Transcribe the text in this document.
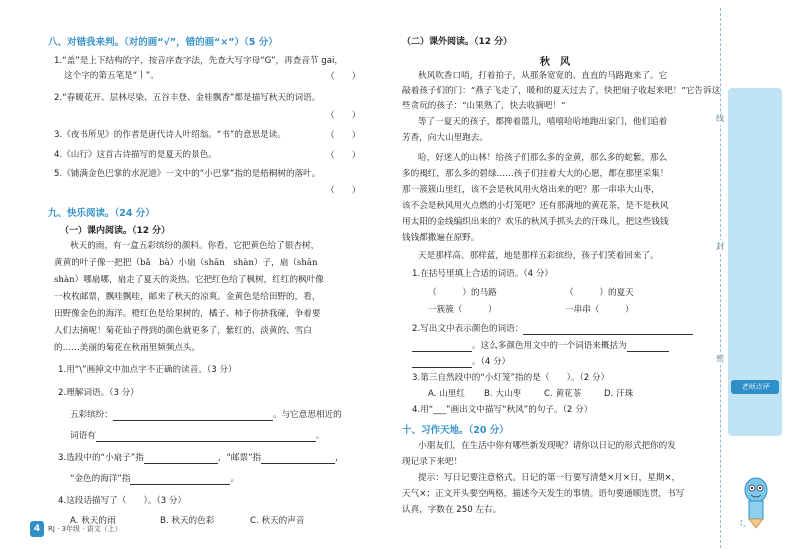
八、对错我来判。（对的画“√”，错的画“×”）（5 分）
1.“盖”是上下结构的字，按音序查字法，先查大写字母“G”，再查音节 gai，
这个字的第五笔是“丨”。	（　　）
2.“春暖花开、层林尽染、五谷丰登、金桂飘香”都是描写秋天的词语。
（　　）
3.《夜书所见》的作者是唐代诗人叶绍翁。“书”的意思是读。	（　　）
4.《山行》这首古诗描写的是夏天的景色。	（　　）
5.《铺满金色巴掌的水泥道》一文中的“小巴掌”指的是梧桐树的落叶。
（　　）
九、快乐阅读。（24 分）
（一）课内阅读。（12 分）
秋天的雨，有一盒五彩缤纷的颜料。你看，它把黄色给了银杏树，
黄黄的叶子像一把把（bǎ　bà）小扇（shān　shàn）子，扇（shān
shàn）哪扇哪，扇走了夏天的炎热。它把红色给了枫树，红红的枫叶像
一枚枚邮票，飘哇飘哇，邮来了秋天的凉爽。金黄色是给田野的，看，
田野像金色的海洋。橙红色是给果树的，橘子、柿子你挤我碰，争着要
人们去摘呢！菊花仙子得到的颜色就更多了，紫红的、淡黄的、雪白
的……美丽的菊花在秋雨里频频点头。
1.用“\”画掉文中加点字不正确的读音。（3 分）
2.理解词语。（3 分）
五彩缤纷：	。与它意思相近的
词语有	。
3.选段中的“小扇子”指	，“邮票”指	，
“金色的海洋”指	。
4.这段话描写了（　　）。（3 分）
A. 秋天的雨	B. 秋天的色彩	C. 秋天的声音
4	RJ · 3年级 · 语文（上）
（二）课外阅读。（12 分）
秋　风
秋风吹香口哨，打着拍子，从那条宽宽的、直直的马路跑来了。它
敲着孩子们的门：“燕子飞走了，暖和的夏天过去了，快把扇子收起来吧！”它告诉这
些贪玩的孩子：“山果熟了，快去收摘吧！”
等了一夏天的孩子，都搀着篮儿，嘻嘻哈哈地跑出家门，他们追着
芳香，向大山里跑去。
哈，好迷人的山林！给孩子们那么多的金黄，那么多的蛇紫，那么
多的褐红，那么多的碧绿……孩子们挂着大大的心愿，都在那里采集！
那一簇簇山里红，该不会是秋风用火烙出来的吧？那一串串大山枣，
该不会是秋风用火点燃的小灯笼吧？还有那满地的黄花茶，是不是秋风
用太阳的金线编织出来的？欢乐的秋风手抓头去的汗珠儿，把这些钱钱
钱钱都撒遍在原野。
天是那样高、那样蓝，地是那样五彩缤纷，孩子们笑着回来了。
1.在括号里填上合适的词语。（4 分）
（　　　）的马路	（　　　）的夏天
一簇簇（　　　）	一串串（　　　）
2.写出文中表示颜色的词语：
。这么多颜色用文中的一个词语来概括为
。（4 分）
3.第三自然段中的“小灯笼”指的是（　　）。（2 分）
A. 山里红 B. 大山枣	C. 黄花茶	D. 汗珠
4.用“___”画出文中描写“秋风”的句子。（2 分）
十、习作天地。（20 分）
小朋友们，在生活中你有哪些新发现呢？请你以日记的形式把你的发
现记录下来吧！
提示：写日记要注意格式。日记的第一行要写清楚×月×日，星期×，
天气×；正文开头要空两格，描述今天发生的事情。语句要通顺连贯，书写
认真，字数在 250 左右。
线
封
密
老师点评
